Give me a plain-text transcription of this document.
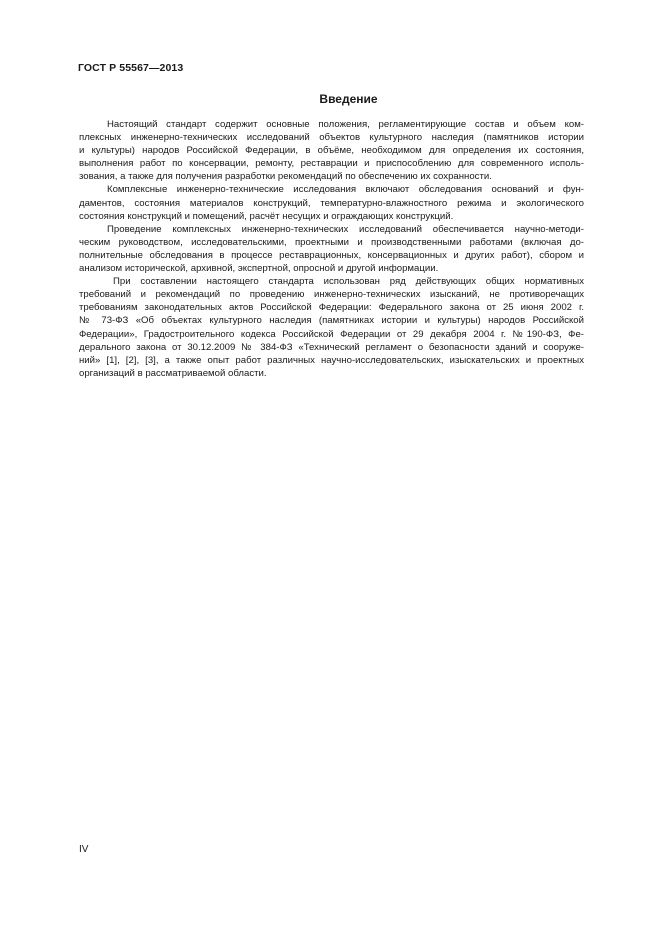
ГОСТ Р 55567—2013
Введение
Настоящий стандарт содержит основные положения, регламентирующие состав и объем ком-
плексных инженерно-технических исследований объектов культурного наследия (памятников истории
и культуры) народов Российской Федерации, в объёме, необходимом для определения их состояния,
выполнения работ по консервации, ремонту, реставрации и приспособлению для современного исполь-
зования, а также для получения разработки рекомендаций по обеспечению их сохранности.
Комплексные инженерно-технические исследования включают обследования оснований и фун-
даментов, состояния материалов конструкций, температурно-влажностного режима и экологического
состояния конструкций и помещений, расчёт несущих и ограждающих конструкций.
Проведение комплексных инженерно-технических исследований обеспечивается научно-методи-
ческим руководством, исследовательскими, проектными и производственными работами (включая до-
полнительные обследования в процессе реставрационных, консервационных и других работ), сбором и
анализом исторической, архивной, экспертной, опросной и другой информации.
При составлении настоящего стандарта использован ряд действующих общих нормативных
требований и рекомендаций по проведению инженерно-технических изысканий, не противоречащих
требованиям законодательных актов Российской Федерации: Федерального закона от 25 июня 2002 г.
№ 73-ФЗ «Об объектах культурного наследия (памятниках истории и культуры) народов Российской
Федерации», Градостроительного кодекса Российской Федерации от 29 декабря 2004 г. №190-ФЗ, Фе-
дерального закона от 30.12.2009 № 384-ФЗ «Технический регламент о безопасности зданий и сооруже-
ний» [1], [2], [3], а также опыт работ различных научно-исследовательских, изыскательских и проектных
организаций в рассматриваемой области.
IV
